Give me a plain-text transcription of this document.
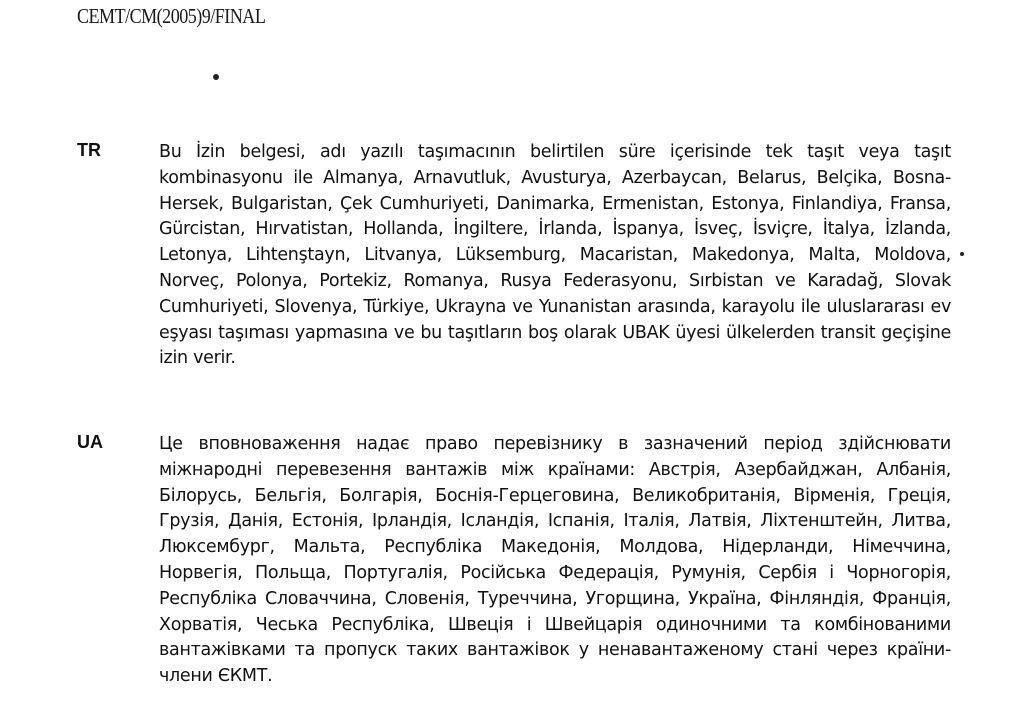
CEMT/CM(2005)9/FINAL
TR	Bu İzin belgesi, adı yazılı taşımacının belirtilen süre içerisinde tek taşıt veya taşıt kombinasyonu ile Almanya, Arnavutluk, Avusturya, Azerbaycan, Belarus, Belçika, Bosna-Hersek, Bulgaristan, Çek Cumhuriyeti, Danimarka, Ermenistan, Estonya, Finlandiya, Fransa, Gürcistan, Hırvatistan, Hollanda, İngiltere, İrlanda, İspanya, İsveç, İsviçre, İtalya, İzlanda, Letonya, Lihtenştayn, Litvanya, Lüksemburg, Macaristan, Makedonya, Malta, Moldova, Norveç, Polonya, Portekiz, Romanya, Rusya Federasyonu, Sırbistan ve Karadağ, Slovak Cumhuriyeti, Slovenya, Türkiye, Ukrayna ve Yunanistan arasında, karayolu ile uluslararası ev eşyası taşıması yapmasına ve bu taşıtların boş olarak UBAK üyesi ülkelerden transit geçişine izin verir.
UA	Це вповноваження надає право перевізнику в зазначений період здійснювати міжнародні перевезення вантажів між країнами: Австрія, Азербайджан, Албанія, Білорусь, Бельгія, Болгарія, Боснія-Герцеговина, Великобританія, Вірменія, Греція, Грузія, Данія, Естонія, Ірландія, Ісландія, Іспанія, Італія, Латвія, Ліхтенштейн, Литва, Люксембург, Мальта, Республіка Македонія, Молдова, Нідерланди, Німеччина, Норвегія, Польща, Португалія, Російська Федерація, Румунія, Сербія і Чорногорія, Республіка Словаччина, Словенія, Туреччина, Угорщина, Україна, Фінляндія, Франція, Хорватія, Чеська Республіка, Швеція і Швейцарія одиночними та комбінованими вантажівками та пропуск таких вантажівок у ненавантаженому стані через країни-члени ЄКМТ.
